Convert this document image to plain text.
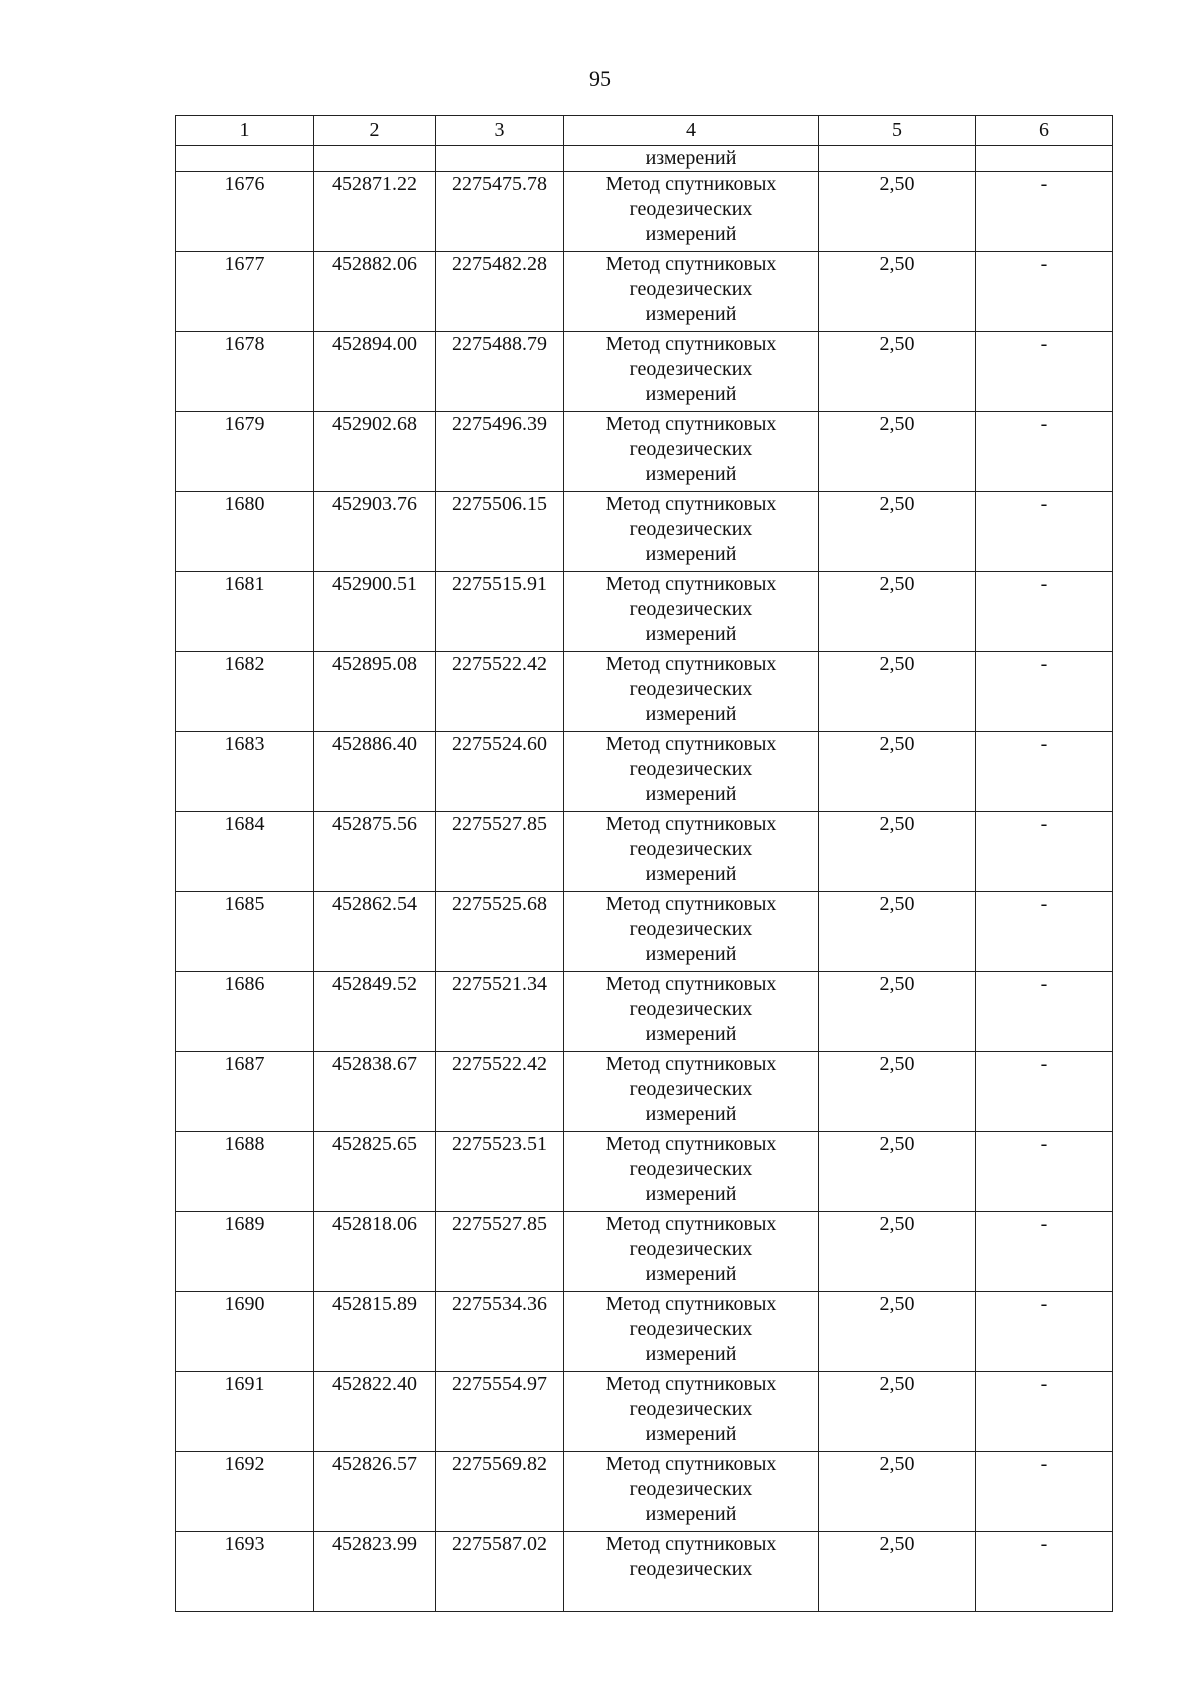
95
1	2	3	4	5	6
			измерений		
1676	452871.22	2275475.78	Метод спутниковых
геодезических
измерений	2,50	-
1677	452882.06	2275482.28	Метод спутниковых
геодезических
измерений	2,50	-
1678	452894.00	2275488.79	Метод спутниковых
геодезических
измерений	2,50	-
1679	452902.68	2275496.39	Метод спутниковых
геодезических
измерений	2,50	-
1680	452903.76	2275506.15	Метод спутниковых
геодезических
измерений	2,50	-
1681	452900.51	2275515.91	Метод спутниковых
геодезических
измерений	2,50	-
1682	452895.08	2275522.42	Метод спутниковых
геодезических
измерений	2,50	-
1683	452886.40	2275524.60	Метод спутниковых
геодезических
измерений	2,50	-
1684	452875.56	2275527.85	Метод спутниковых
геодезических
измерений	2,50	-
1685	452862.54	2275525.68	Метод спутниковых
геодезических
измерений	2,50	-
1686	452849.52	2275521.34	Метод спутниковых
геодезических
измерений	2,50	-
1687	452838.67	2275522.42	Метод спутниковых
геодезических
измерений	2,50	-
1688	452825.65	2275523.51	Метод спутниковых
геодезических
измерений	2,50	-
1689	452818.06	2275527.85	Метод спутниковых
геодезических
измерений	2,50	-
1690	452815.89	2275534.36	Метод спутниковых
геодезических
измерений	2,50	-
1691	452822.40	2275554.97	Метод спутниковых
геодезических
измерений	2,50	-
1692	452826.57	2275569.82	Метод спутниковых
геодезических
измерений	2,50	-
1693	452823.99	2275587.02	Метод спутниковых
геодезических	2,50	-
